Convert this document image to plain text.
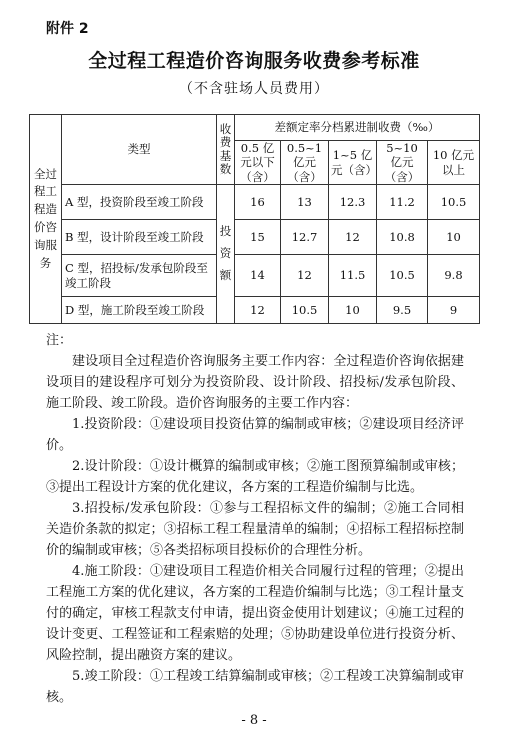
附件 2
全过程工程造价咨询服务收费参考标准
（不含驻场人员费用）
全过程工程造价咨询服务	类型	收费基数	差额定率分档累进制收费（‰）				
			0.5 亿元以下（含）	0.5~1 亿元（含）	1~5 亿元（含）	5~10 亿元（含）	10 亿元以上
	A 型，投资阶段至竣工阶段	投资额	16	13	12.3	11.2	10.5
	B 型，设计阶段至竣工阶段		15	12.7	12	10.8	10
	C 型，招投标/发承包阶段至竣工阶段		14	12	11.5	10.5	9.8
	D 型，施工阶段至竣工阶段		12	10.5	10	9.5	9

注：

建设项目全过程造价咨询服务主要工作内容：全过程造价咨询依据建设项目的建设程序可划分为投资阶段、设计阶段、招投标/发承包阶段、施工阶段、竣工阶段。造价咨询服务的主要工作内容：

1.投资阶段：①建设项目投资估算的编制或审核；②建设项目经济评价。

2.设计阶段：①设计概算的编制或审核；②施工图预算编制或审核；③提出工程设计方案的优化建议，各方案的工程造价编制与比选。

3.招投标/发承包阶段：①参与工程招标文件的编制；②施工合同相关造价条款的拟定；③招标工程工程量清单的编制；④招标工程招标控制价的编制或审核；⑤各类招标项目投标价的合理性分析。

4.施工阶段：①建设项目工程造价相关合同履行过程的管理；②提出工程施工方案的优化建议，各方案的工程造价编制与比选；③工程计量支付的确定，审核工程款支付申请，提出资金使用计划建议；④施工过程的设计变更、工程签证和工程索赔的处理；⑤协助建设单位进行投资分析、风险控制，提出融资方案的建议。

5.竣工阶段：①工程竣工结算编制或审核；②工程竣工决算编制或审核。

- 8 -
